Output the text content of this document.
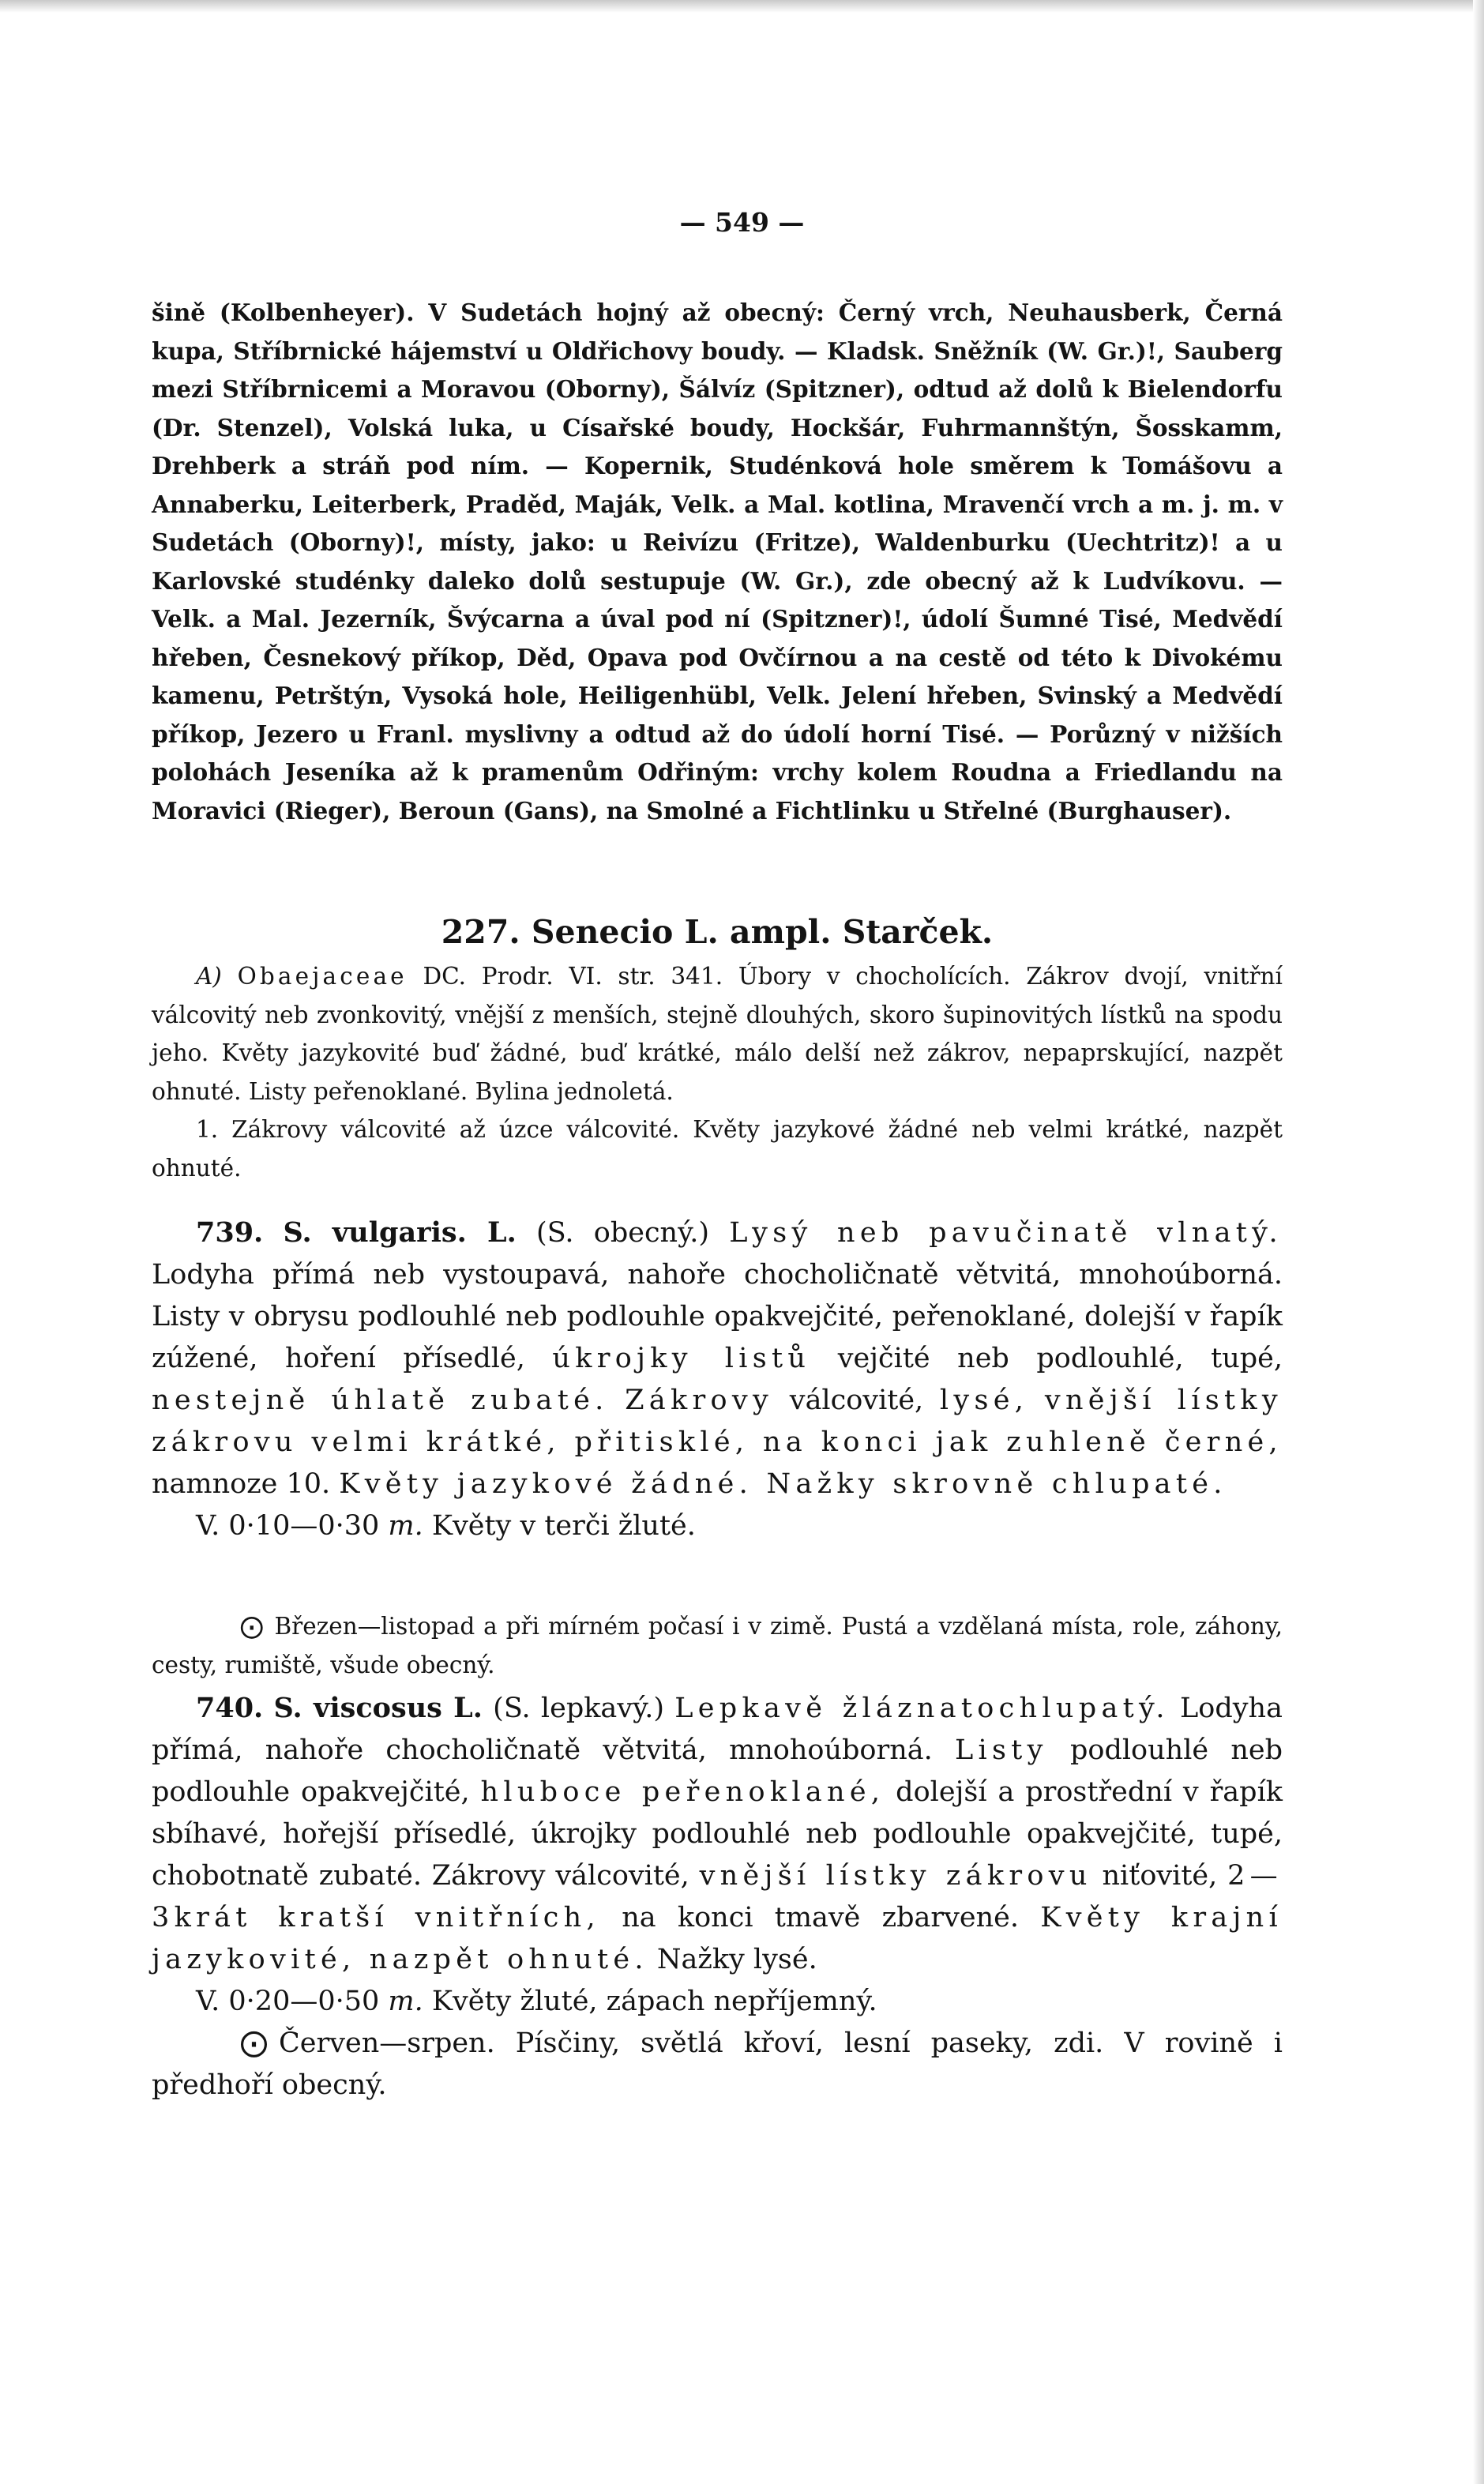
— 549 —

šině (Kolbenheyer). V Sudetách hojný až obecný: Černý vrch, Neuhausberk, Černá kupa, Stříbrnické hájemství u Oldřichovy boudy. — Kladsk. Sněžník (W. Gr.)!, Sauberg mezi Stříbrnicemi a Moravou (Oborny), Šálvíz (Spitzner), odtud až dolů k Bielendorfu (Dr. Stenzel), Volská luka, u Císařské boudy, Hockšár, Fuhrmannštýn, Šosskamm, Drehberk a stráň pod ním. — Kopernik, Studénková hole směrem k Tomášovu a Annaberku, Leiterberk, Praděd, Maják, Velk. a Mal. kotlina, Mravenčí vrch a m. j. m. v Sudetách (Oborny)!, místy, jako: u Reivízu (Fritze), Waldenburku (Uechtritz)! a u Karlovské studénky daleko dolů sestupuje (W. Gr.), zde obecný až k Ludvíkovu. — Velk. a Mal. Jezerník, Švýcarna a úval pod ní (Spitzner)!, údolí Šumné Tisé, Medvědí hřeben, Česnekový příkop, Děd, Opava pod Ovčírnou a na cestě od této k Divokému kamenu, Petrštýn, Vysoká hole, Heiligenhübl, Velk. Jelení hřeben, Svinský a Medvědí příkop, Jezero u Franl. myslivny a odtud až do údolí horní Tisé. — Porůzný v nižších polohách Jeseníka až k pramenům Odřiným: vrchy kolem Roudna a Friedlandu na Moravici (Rieger), Beroun (Gans), na Smolné a Fichtlinku u Střelné (Burghauser).

227. Senecio L. ampl. Starček.

A) Obaejaceae DC. Prodr. VI. str. 341. Úbory v chocholících. Zákrov dvojí, vnitřní válcovitý neb zvonkovitý, vnější z menších, stejně dlouhých, skoro šupinovitých lístků na spodu jeho. Květy jazykovité buď žádné, buď krátké, málo delší než zákrov, nepaprskující, nazpět ohnuté. Listy peřenoklané. Bylina jednoletá.

1. Zákrovy válcovité až úzce válcovité. Květy jazykové žádné neb velmi krátké, nazpět ohnuté.

739. S. vulgaris. L. (S. obecný.) Lysý neb pavučinatě vlnatý. Lodyha přímá neb vystoupavá, nahoře chocholičnatě větvitá, mnohoúborná. Listy v obrysu podlouhlé neb podlouhle opakvejčité, peřenoklané, dolejší v řapík zúžené, hoření přísedlé, úkrojky listů vejčité neb podlouhlé, tupé, nestejně úhlatě zubaté. Zákrovy válcovité, lysé, vnější lístky zákrovu velmi krátké, přitisklé, na konci jak zuhleně černé, namnoze 10. Květy jazykové žádné. Nažky skrovně chlupaté.

V. 0·10—0·30 m. Květy v terči žluté.

⨀ Březen—listopad a při mírném počasí i v zimě. Pustá a vzdělaná místa, role, záhony, cesty, rumiště, všude obecný.

740. S. viscosus L. (S. lepkavý.) Lepkavě žláznatochlupatý. Lodyha přímá, nahoře chocholičnatě větvitá, mnohoúborná. Listy podlouhlé neb podlouhle opakvejčité, hluboce peřenoklané, dolejší a prostřední v řapík sbíhavé, hořejší přísedlé, úkrojky podlouhlé neb podlouhle opakvejčité, tupé, chobotnatě zubaté. Zákrovy válcovité, vnější lístky zákrovu niťovité, 2—3krát kratší vnitřních, na konci tmavě zbarvené. Květy krajní jazykovité, nazpět ohnuté. Nažky lysé.

V. 0·20—0·50 m. Květy žluté, zápach nepříjemný.

⨀ Červen—srpen. Písčiny, světlá křoví, lesní paseky, zdi. V rovině i předhoří obecný.
